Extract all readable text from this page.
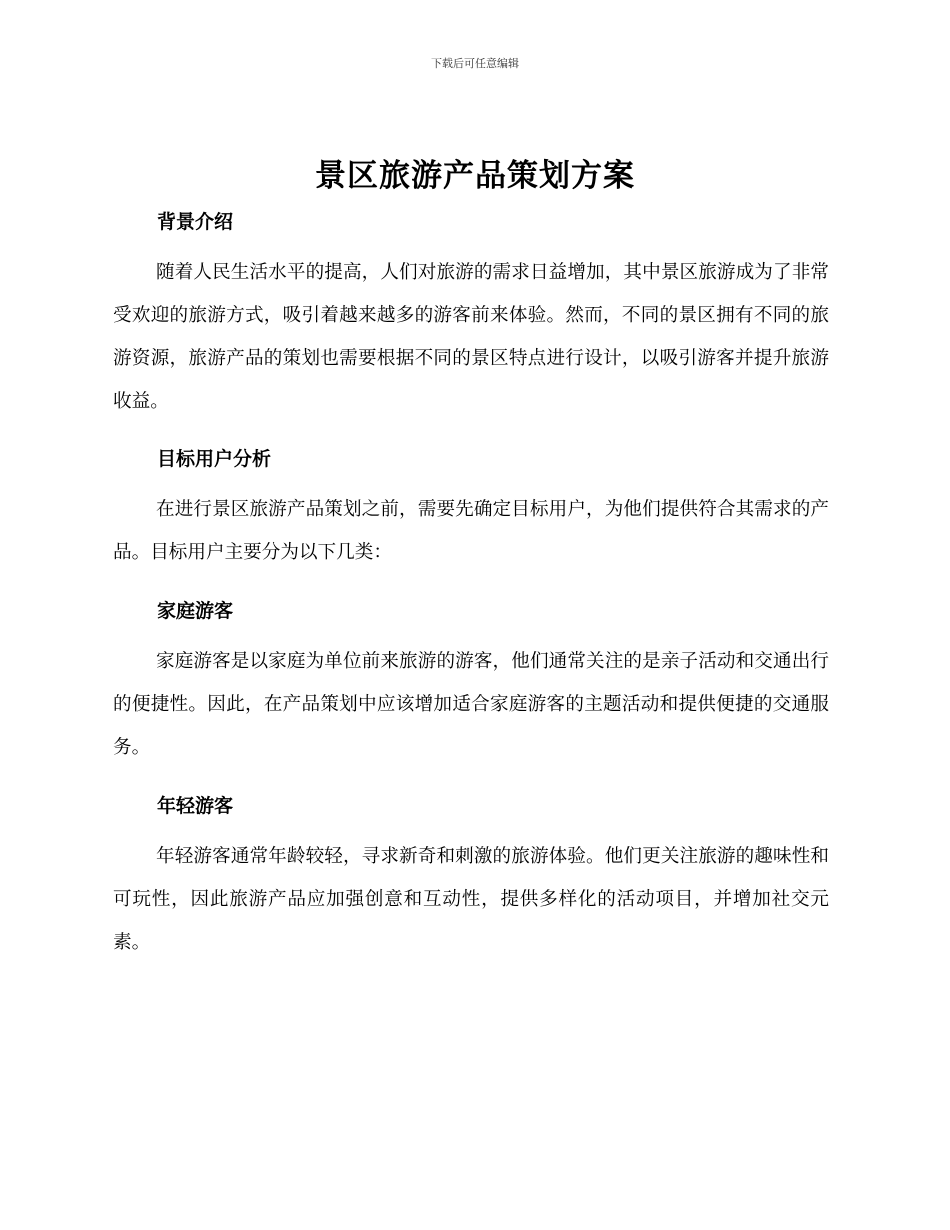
下载后可任意编辑
景区旅游产品策划方案
背景介绍
随着人民生活水平的提高，人们对旅游的需求日益增加，其中景区旅游成为了非常受欢迎的旅游方式，吸引着越来越多的游客前来体验。然而，不同的景区拥有不同的旅游资源，旅游产品的策划也需要根据不同的景区特点进行设计，以吸引游客并提升旅游收益。
目标用户分析
在进行景区旅游产品策划之前，需要先确定目标用户，为他们提供符合其需求的产品。目标用户主要分为以下几类：
家庭游客
家庭游客是以家庭为单位前来旅游的游客，他们通常关注的是亲子活动和交通出行的便捷性。因此，在产品策划中应该增加适合家庭游客的主题活动和提供便捷的交通服务。
年轻游客
年轻游客通常年龄较轻，寻求新奇和刺激的旅游体验。他们更关注旅游的趣味性和可玩性，因此旅游产品应加强创意和互动性，提供多样化的活动项目，并增加社交元素。
